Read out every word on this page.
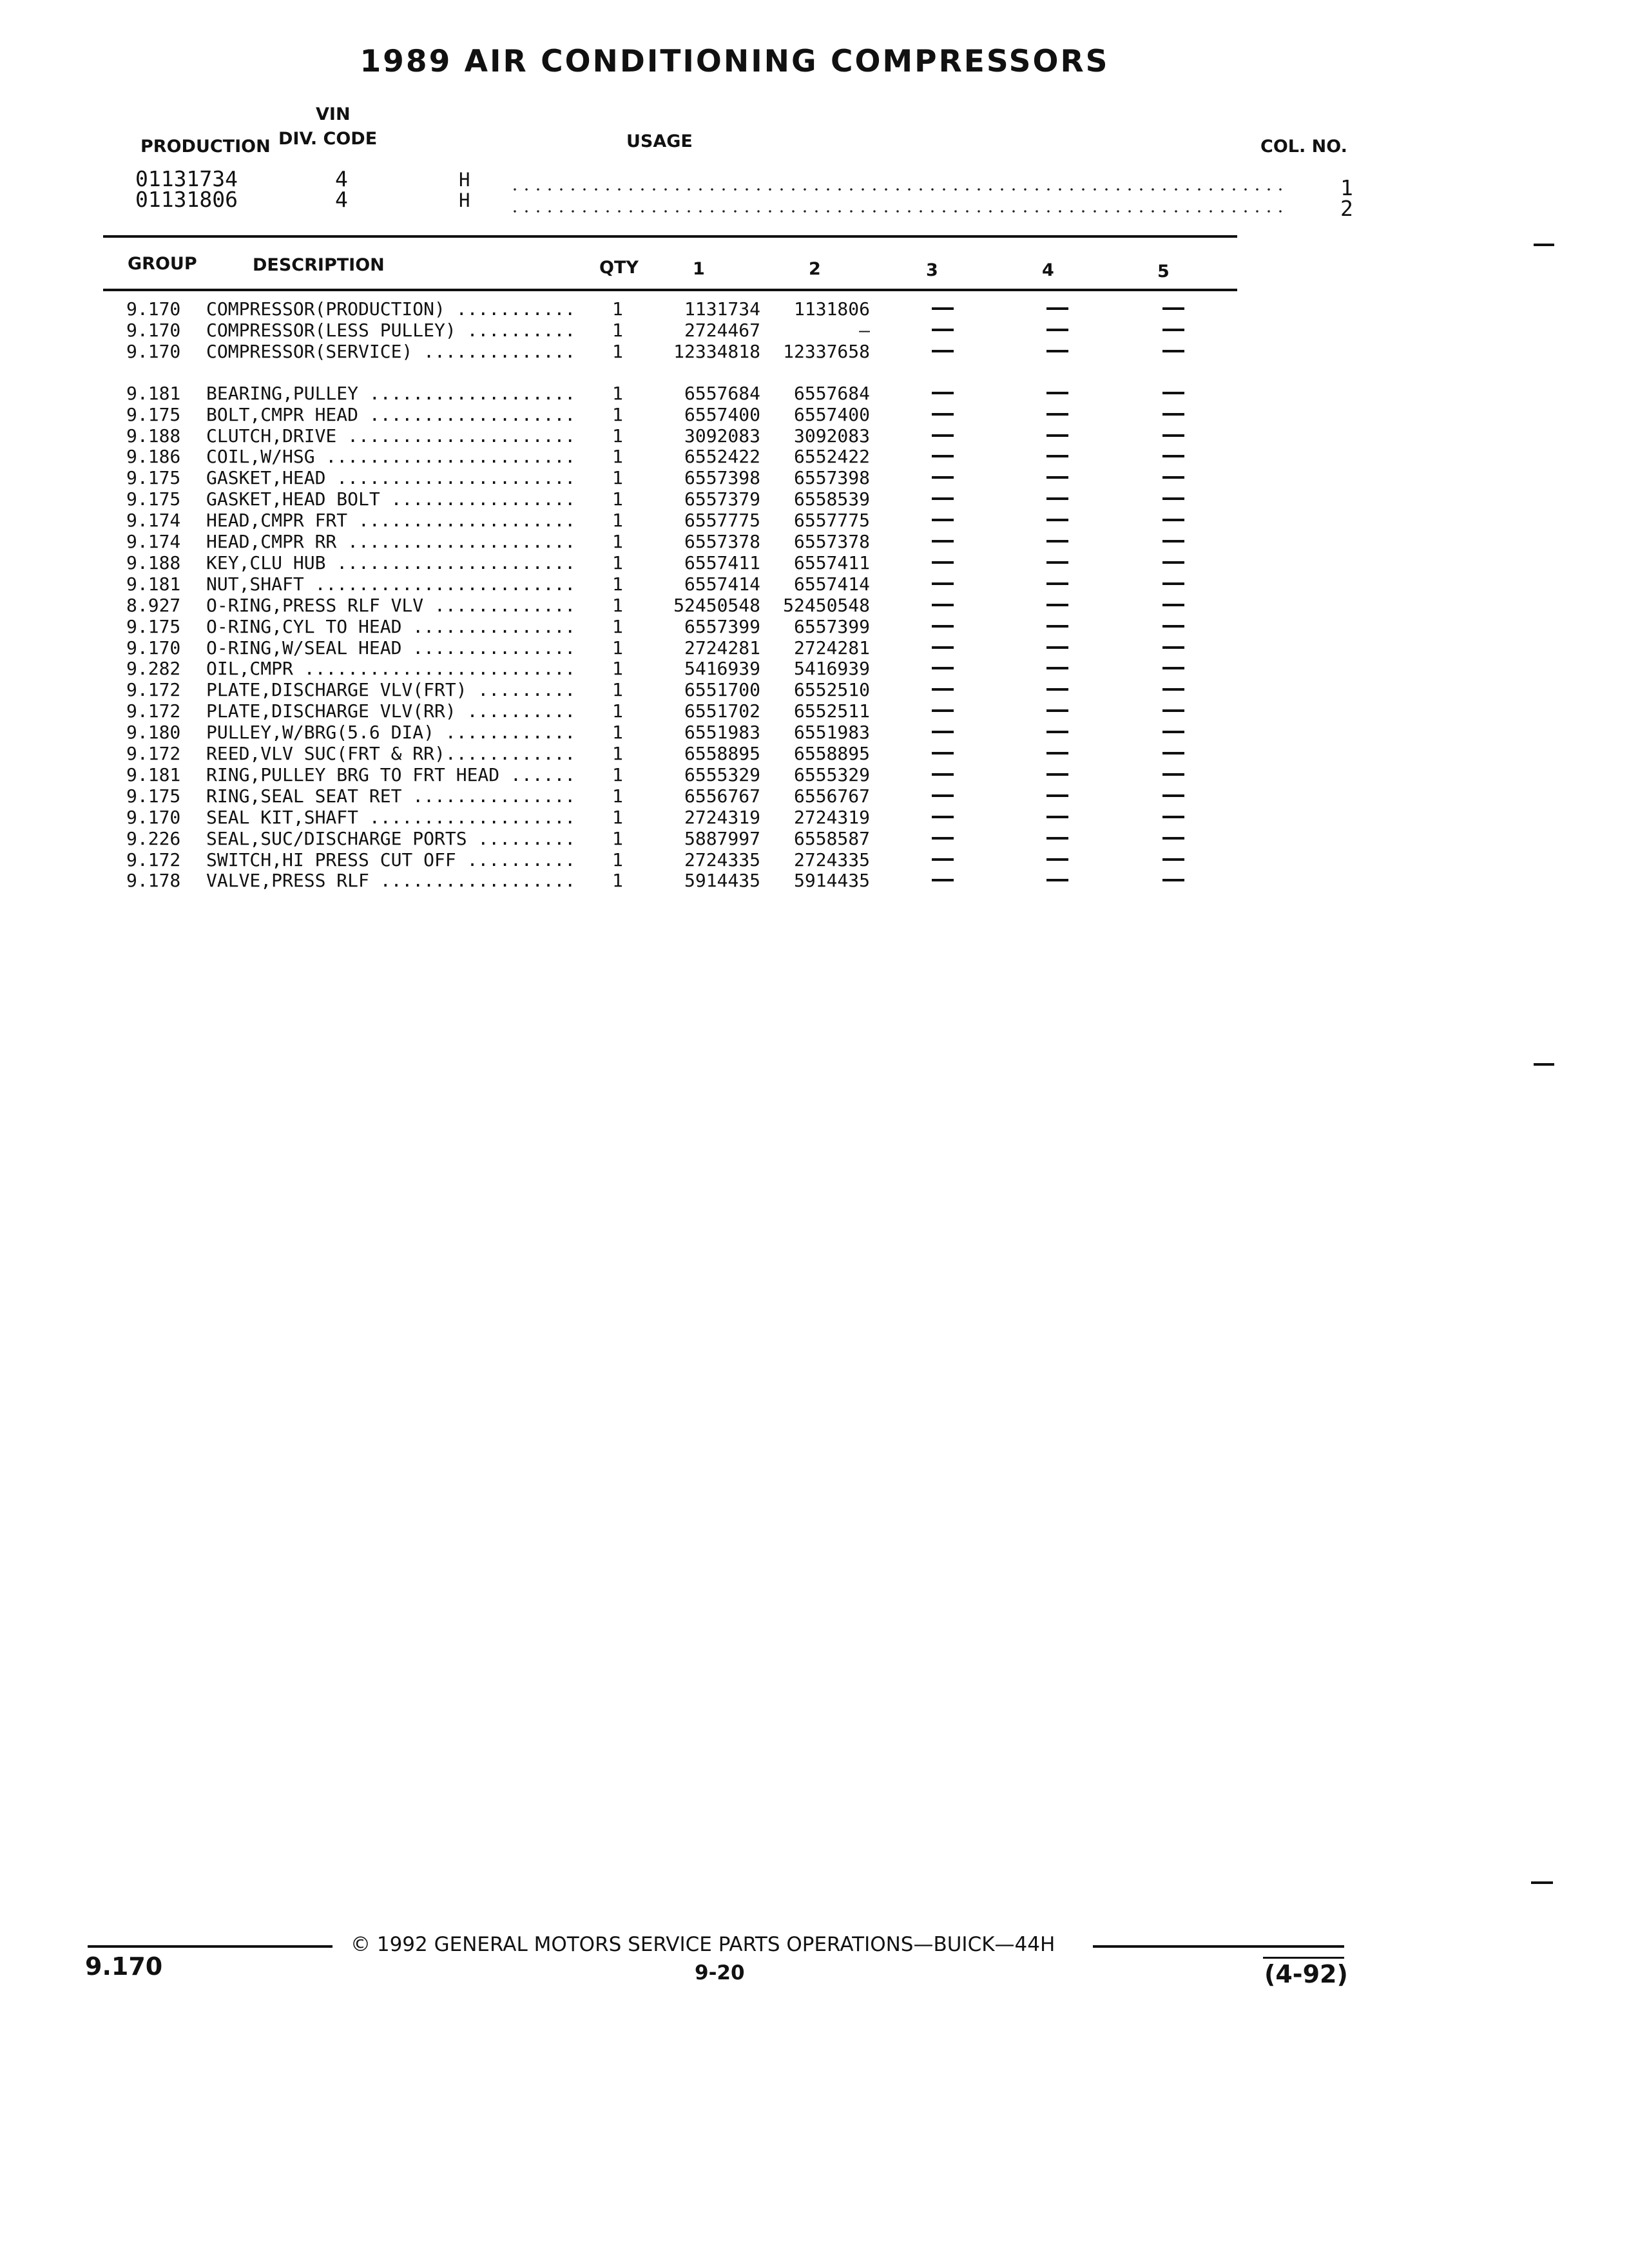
1989 AIR CONDITIONING COMPRESSORS
PRODUCTION
VIN
DIV. CODE	USAGE	COL. NO.
01131734	4	H	1
01131806	4	H	2
GROUP	DESCRIPTION	QTY	1	2	3	4	5
9.170 COMPRESSOR(PRODUCTION) ........... 1	1131734	1131806
9.170 COMPRESSOR(LESS PULLEY) .......... 1	2724467	—
9.170 COMPRESSOR(SERVICE) .............. 1	12334818	12337658
9.181 BEARING,PULLEY ................... 1	6557684	6557684
9.175 BOLT,CMPR HEAD ................... 1	6557400	6557400
9.188 CLUTCH,DRIVE ..................... 1	3092083	3092083
9.186 COIL,W/HSG ....................... 1	6552422	6552422
9.175 GASKET,HEAD ...................... 1	6557398	6557398
9.175 GASKET,HEAD BOLT ................. 1	6557379	6558539
9.174 HEAD,CMPR FRT .................... 1	6557775	6557775
9.174 HEAD,CMPR RR ..................... 1	6557378	6557378
9.188 KEY,CLU HUB ...................... 1	6557411	6557411
9.181 NUT,SHAFT ........................ 1	6557414	6557414
8.927 O-RING,PRESS RLF VLV ............. 1	52450548	52450548
9.175 O-RING,CYL TO HEAD ............... 1	6557399	6557399
9.170 O-RING,W/SEAL HEAD ............... 1	2724281	2724281
9.282 OIL,CMPR ......................... 1	5416939	5416939
9.172 PLATE,DISCHARGE VLV(FRT) ......... 1	6551700	6552510
9.172 PLATE,DISCHARGE VLV(RR) .......... 1	6551702	6552511
9.180 PULLEY,W/BRG(5.6 DIA) ............ 1	6551983	6551983
9.172 REED,VLV SUC(FRT & RR)............ 1	6558895	6558895
9.181 RING,PULLEY BRG TO FRT HEAD ...... 1	6555329	6555329
9.175 RING,SEAL SEAT RET ............... 1	6556767	6556767
9.170 SEAL KIT,SHAFT ................... 1	2724319	2724319
9.226 SEAL,SUC/DISCHARGE PORTS ......... 1	5887997	6558587
9.172 SWITCH,HI PRESS CUT OFF .......... 1	2724335	2724335
9.178 VALVE,PRESS RLF .................. 1	5914435	5914435
© 1992 GENERAL MOTORS SERVICE PARTS OPERATIONS—BUICK—44H
9.170	9-20	(4-92)
